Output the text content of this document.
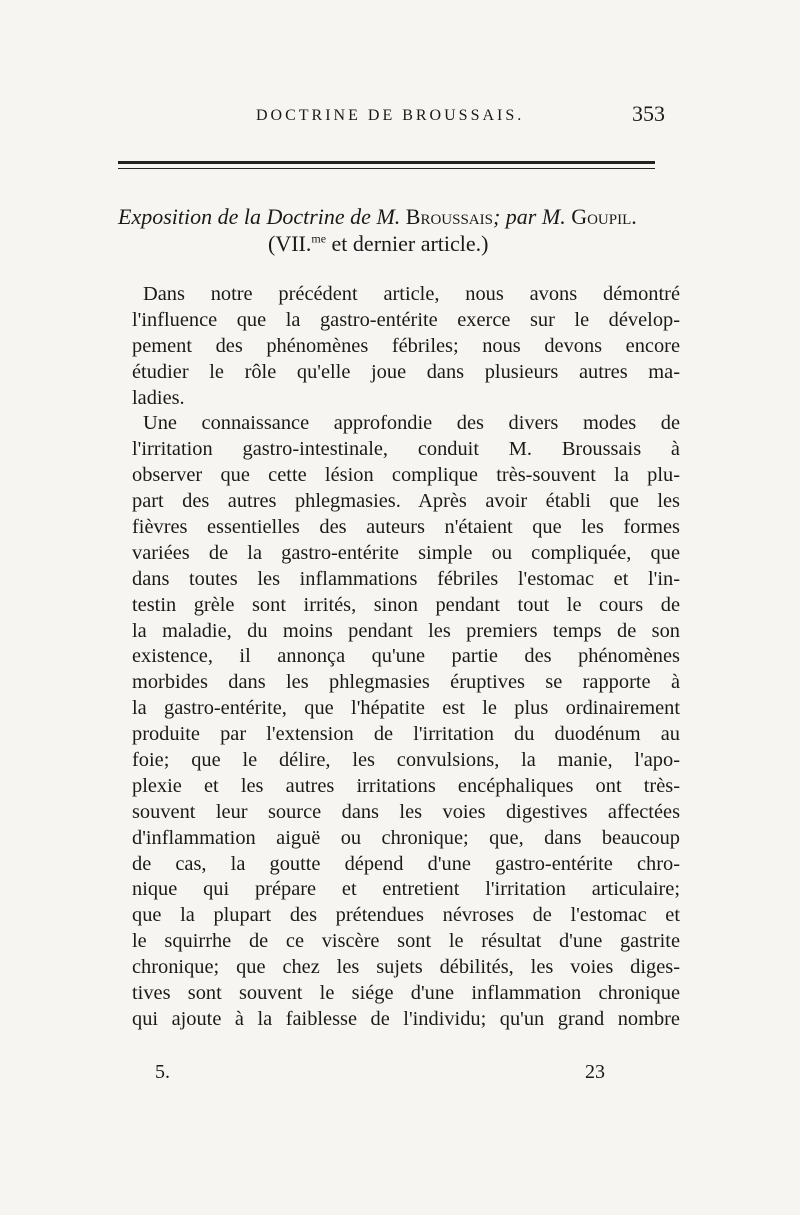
DOCTRINE DE BROUSSAIS.	353
Exposition de la Doctrine de M. Broussais; par M. Goupil.
(VII.$^{me}$ et dernier article.)
Dans notre précédent article, nous avons démontré
l'influence que la gastro-entérite exerce sur le dévelop-
pement des phénomènes fébriles; nous devons encore
étudier le rôle qu'elle joue dans plusieurs autres ma-
ladies.
Une connaissance approfondie des divers modes de
l'irritation gastro-intestinale, conduit M. Broussais à
observer que cette lésion complique très-souvent la plu-
part des autres phlegmasies. Après avoir établi que les
fièvres essentielles des auteurs n'étaient que les formes
variées de la gastro-entérite simple ou compliquée, que
dans toutes les inflammations fébriles l'estomac et l'in-
testin grèle sont irrités, sinon pendant tout le cours de
la maladie, du moins pendant les premiers temps de son
existence, il annonça qu'une partie des phénomènes
morbides dans les phlegmasies éruptives se rapporte à
la gastro-entérite, que l'hépatite est le plus ordinairement
produite par l'extension de l'irritation du duodénum au
foie; que le délire, les convulsions, la manie, l'apo-
plexie et les autres irritations encéphaliques ont très-
souvent leur source dans les voies digestives affectées
d'inflammation aiguë ou chronique; que, dans beaucoup
de cas, la goutte dépend d'une gastro-entérite chro-
nique qui prépare et entretient l'irritation articulaire;
que la plupart des prétendues névroses de l'estomac et
le squirrhe de ce viscère sont le résultat d'une gastrite
chronique; que chez les sujets débilités, les voies diges-
tives sont souvent le siége d'une inflammation chronique
qui ajoute à la faiblesse de l'individu; qu'un grand nombre
5.	23
